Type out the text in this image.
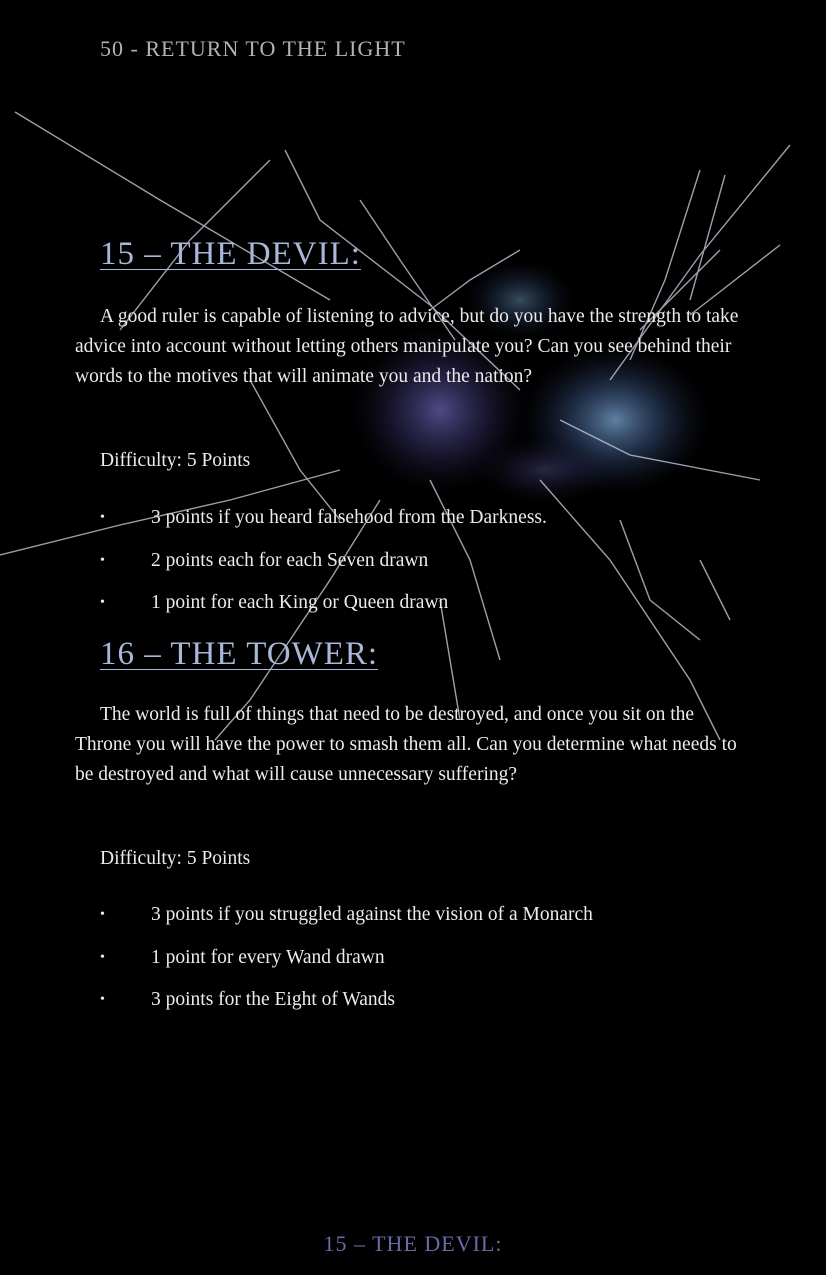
50 - RETURN TO THE LIGHT
15 – THE DEVIL:

A good ruler is capable of listening to advice, but do you have the strength to take advice into account without letting others manipulate you? Can you see behind their words to the motives that will animate you and the nation?

Difficulty: 5 Points
• 3 points if you heard falsehood from the Darkness.
• 2 points each for each Seven drawn
• 1 point for each King or Queen drawn
16 – THE TOWER:

The world is full of things that need to be destroyed, and once you sit on the Throne you will have the power to smash them all. Can you determine what needs to be destroyed and what will cause unnecessary suffering?

Difficulty: 5 Points
• 3 points if you struggled against the vision of a Monarch
• 1 point for every Wand drawn
• 3 points for the Eight of Wands
15 – THE DEVIL:
